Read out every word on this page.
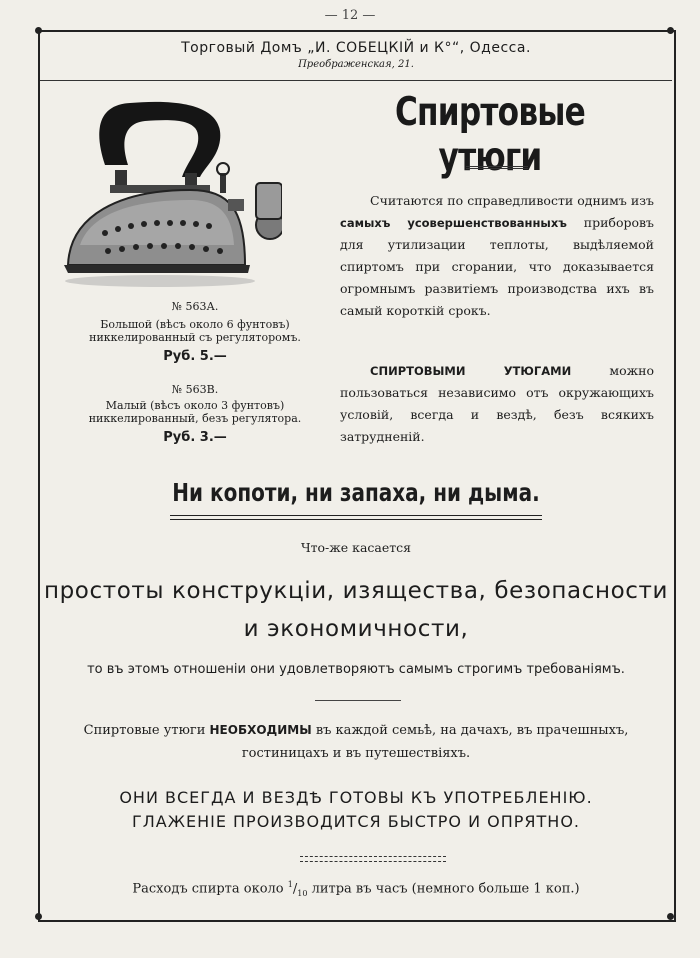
— 12 —
Торговый Домъ „И. СОБЕЦКIЙ и К°“, Одесса.
Преображенская, 21.
№ 563А.
Большой (вѣсъ около 6 фунтовъ) никкелированный съ регуляторомъ.
Руб. 5.—
№ 563В.
Малый (вѣсъ около 3 фунтовъ) никкелированный, безъ регулятора.
Руб. 3.—
Спиртовые утюги
Считаются по справедливости однимъ изъ самыхъ усовершенствованныхъ приборовъ для утилизации теплоты, выдѣляемой спиртомъ при сгорании, что доказывается огромнымъ развитiемъ производства ихъ въ самый короткiй срокъ.
СПИРТОВЫМИ УТЮГАМИ	можно пользоваться независимо отъ окружающихъ условiй, всегда и вездѣ, безъ всякихъ затрудненiй.
Ни копоти, ни запаха, ни дыма.
Что-же касается
простоты конструкцiи, изящества, безопасности
и экономичности,
то въ этомъ отношенiи они удовлетворяютъ самымъ строгимъ требованiямъ.
Спиртовые утюги НЕОБХОДИМЫ въ каждой семьѣ, на дачахъ, въ прачешныхъ, гостиницахъ и въ путешествiяхъ.
ОНИ ВСЕГДА И ВЕЗДѢ ГОТОВЫ КЪ УПОТРЕБЛЕНIЮ.
ГЛАЖЕНIЕ ПРОИЗВОДИТСЯ БЫСТРО И ОПРЯТНО.
Расходъ спирта около $^1/_{10}$ литра въ часъ (немного больше 1 коп.)
